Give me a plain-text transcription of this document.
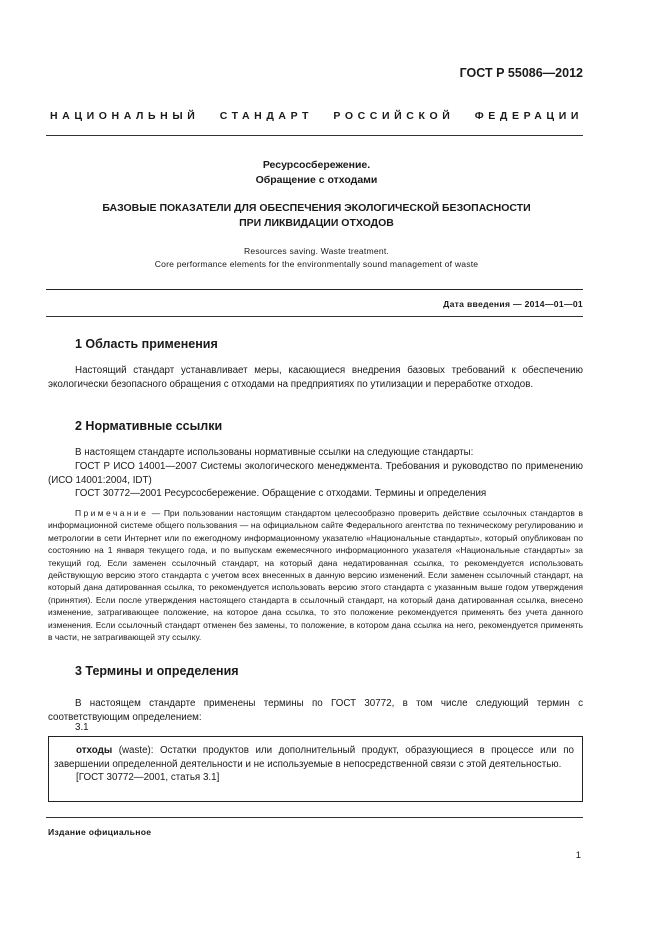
ГОСТ Р 55086—2012
НАЦИОНАЛЬНЫЙ СТАНДАРТ РОССИЙСКОЙ ФЕДЕРАЦИИ
Ресурсосбережение.
Обращение с отходами
БАЗОВЫЕ ПОКАЗАТЕЛИ ДЛЯ ОБЕСПЕЧЕНИЯ ЭКОЛОГИЧЕСКОЙ БЕЗОПАСНОСТИ
ПРИ ЛИКВИДАЦИИ ОТХОДОВ
Resources saving. Waste treatment.
Core performance elements for the environmentally sound management of waste
Дата введения — 2014—01—01
1 Область применения
Настоящий стандарт устанавливает меры, касающиеся внедрения базовых требований к обеспечению экологически безопасного обращения с отходами на предприятиях по утилизации и переработке отходов.
2 Нормативные ссылки
В настоящем стандарте использованы нормативные ссылки на следующие стандарты:
ГОСТ Р ИСО 14001—2007 Системы экологического менеджмента. Требования и руководство по применению (ИСО 14001:2004, IDT)
ГОСТ 30772—2001 Ресурсосбережение. Обращение с отходами. Термины и определения
Примечание — При пользовании настоящим стандартом целесообразно проверить действие ссылочных стандартов в информационной системе общего пользования — на официальном сайте Федерального агентства по техническому регулированию и метрологии в сети Интернет или по ежегодному информационному указателю «Национальные стандарты», который опубликован по состоянию на 1 января текущего года, и по выпускам ежемесячного информационного указателя «Национальные стандарты» за текущий год. Если заменен ссылочный стандарт, на который дана недатированная ссылка, то рекомендуется использовать действующую версию этого стандарта с учетом всех внесенных в данную версию изменений. Если заменен ссылочный стандарт, на который дана датированная ссылка, то рекомендуется использовать версию этого стандарта с указанным выше годом утверждения (принятия). Если после утверждения настоящего стандарта в ссылочный стандарт, на который дана датированная ссылка, внесено изменение, затрагивающее положение, на которое дана ссылка, то это положение рекомендуется применять без учета данного изменения. Если ссылочный стандарт отменен без замены, то положение, в котором дана ссылка на него, рекомендуется применять в части, не затрагивающей эту ссылку.
3 Термины и определения
В настоящем стандарте применены термины по ГОСТ 30772, в том числе следующий термин с соответствующим определением:
3.1
отходы (waste): Остатки продуктов или дополнительный продукт, образующиеся в процессе или по завершении определенной деятельности и не используемые в непосредственной связи с этой деятельностью.
[ГОСТ 30772—2001, статья 3.1]
Издание официальное
1
